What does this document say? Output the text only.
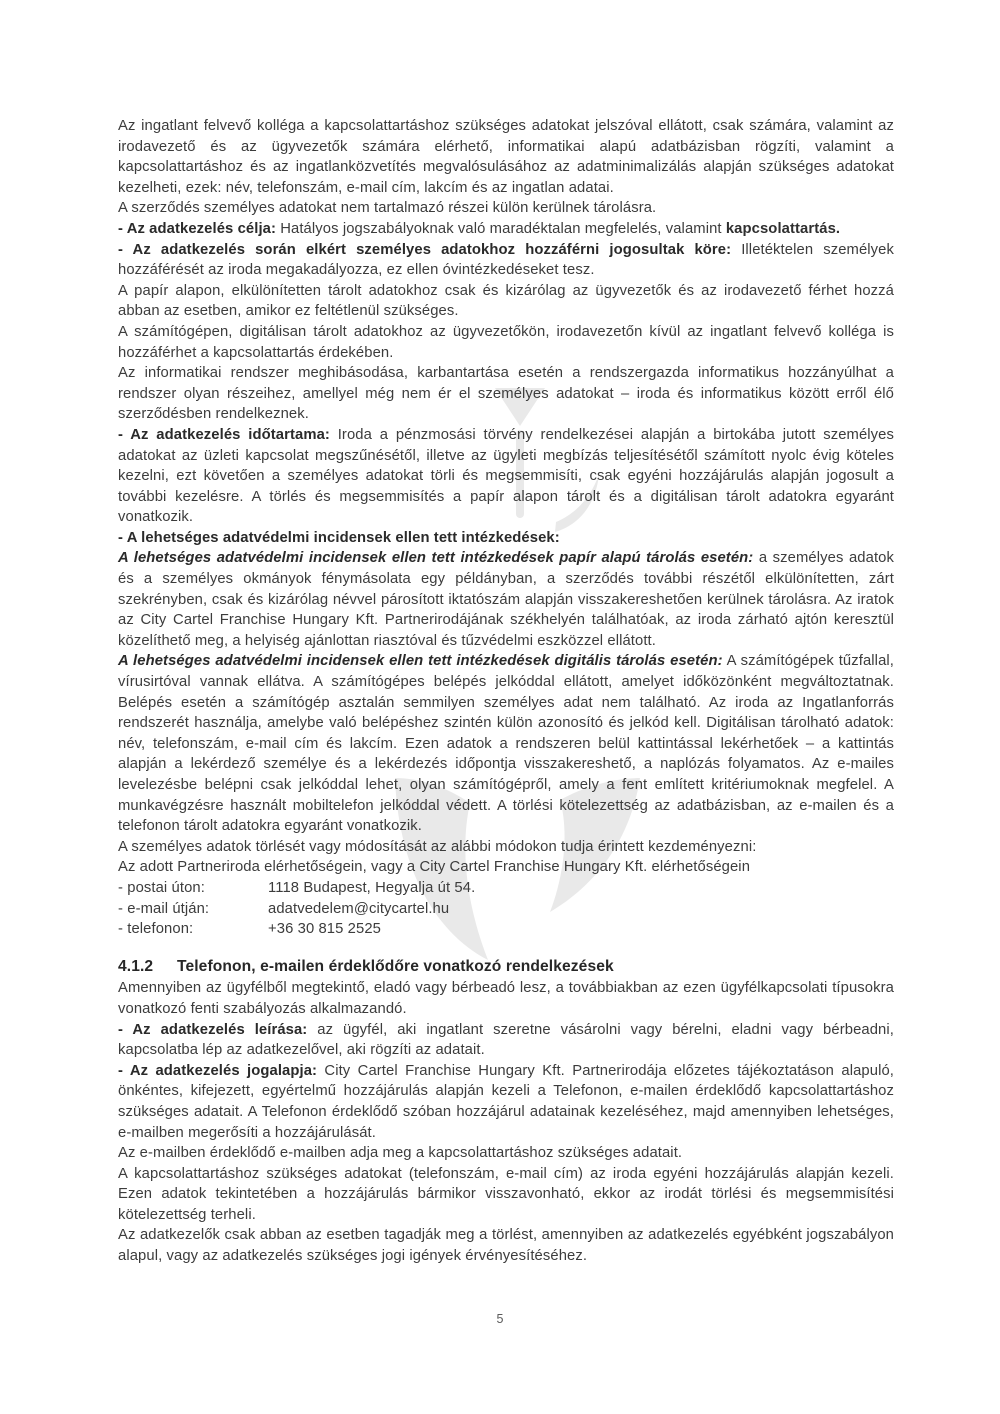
Az ingatlant felvevő kolléga a kapcsolattartáshoz szükséges adatokat jelszóval ellátott, csak számára, valamint az irodavezető és az ügyvezetők számára elérhető, informatikai alapú adatbázisban rögzíti, valamint a kapcsolattartáshoz és az ingatlanközvetítés megvalósulásához az adatminimalizálás alapján szükséges adatokat kezelheti, ezek: név, telefonszám, e-mail cím, lakcím és az ingatlan adatai.

A szerződés személyes adatokat nem tartalmazó részei külön kerülnek tárolásra.

- Az adatkezelés célja: Hatályos jogszabályoknak való maradéktalan megfelelés, valamint kapcsolattartás.

- Az adatkezelés során elkért személyes adatokhoz hozzáférni jogosultak köre: Illetéktelen személyek hozzáférését az iroda megakadályozza, ez ellen óvintézkedéseket tesz.

A papír alapon, elkülönítetten tárolt adatokhoz csak és kizárólag az ügyvezetők és az irodavezető férhet hozzá abban az esetben, amikor ez feltétlenül szükséges.

A számítógépen, digitálisan tárolt adatokhoz az ügyvezetőkön, irodavezetőn kívül az ingatlant felvevő kolléga is hozzáférhet a kapcsolattartás érdekében.

Az informatikai rendszer meghibásodása, karbantartása esetén a rendszergazda informatikus hozzányúlhat a rendszer olyan részeihez, amellyel még nem ér el személyes adatokat – iroda és informatikus között erről élő szerződésben rendelkeznek.

- Az adatkezelés időtartama: Iroda a pénzmosási törvény rendelkezései alapján a birtokába jutott személyes adatokat az üzleti kapcsolat megszűnésétől, illetve az ügyleti megbízás teljesítésétől számított nyolc évig köteles kezelni, ezt követően a személyes adatokat törli és megsemmisíti, csak egyéni hozzájárulás alapján jogosult a további kezelésre. A törlés és megsemmisítés a papír alapon tárolt és a digitálisan tárolt adatokra egyaránt vonatkozik.

- A lehetséges adatvédelmi incidensek ellen tett intézkedések:

A lehetséges adatvédelmi incidensek ellen tett intézkedések papír alapú tárolás esetén: a személyes adatok és a személyes okmányok fénymásolata egy példányban, a szerződés további részétől elkülönítetten, zárt szekrényben, csak és kizárólag névvel párosított iktatószám alapján visszakereshetően kerülnek tárolásra. Az iratok az City Cartel Franchise Hungary Kft. Partnerirodájának székhelyén találhatóak, az iroda zárható ajtón keresztül közelíthető meg, a helyiség ajánlottan riasztóval és tűzvédelmi eszközzel ellátott.

A lehetséges adatvédelmi incidensek ellen tett intézkedések digitális tárolás esetén: A számítógépek tűzfallal, vírusirtóval vannak ellátva. A számítógépes belépés jelkóddal ellátott, amelyet időközönként megváltoztatnak. Belépés esetén a számítógép asztalán semmilyen személyes adat nem található. Az iroda az Ingatlanforrás rendszerét használja, amelybe való belépéshez szintén külön azonosító és jelkód kell. Digitálisan tárolható adatok: név, telefonszám, e-mail cím és lakcím. Ezen adatok a rendszeren belül kattintással lekérhetőek – a kattintás alapján a lekérdező személye és a lekérdezés időpontja visszakereshető, a naplózás folyamatos. Az e-mailes levelezésbe belépni csak jelkóddal lehet, olyan számítógépről, amely a fent említett kritériumoknak megfelel. A munkavégzésre használt mobiltelefon jelkóddal védett. A törlési kötelezettség az adatbázisban, az e-mailen és a telefonon tárolt adatokra egyaránt vonatkozik.

A személyes adatok törlését vagy módosítását az alábbi módokon tudja érintett kezdeményezni:

Az adott Partneriroda elérhetőségein, vagy a City Cartel Franchise Hungary Kft. elérhetőségein

- postai úton:	1118 Budapest, Hegyalja út 54.
- e-mail útján:	adatvedelem@citycartel.hu
- telefonon:	+36 30 815 2525
4.1.2 Telefonon, e-mailen érdeklődőre vonatkozó rendelkezések

Amennyiben az ügyfélből megtekintő, eladó vagy bérbeadó lesz, a továbbiakban az ezen ügyfélkapcsolati típusokra vonatkozó fenti szabályozás alkalmazandó.

- Az adatkezelés leírása: az ügyfél, aki ingatlant szeretne vásárolni vagy bérelni, eladni vagy bérbeadni, kapcsolatba lép az adatkezelővel, aki rögzíti az adatait.

- Az adatkezelés jogalapja: City Cartel Franchise Hungary Kft. Partnerirodája előzetes tájékoztatáson alapuló, önkéntes, kifejezett, egyértelmű hozzájárulás alapján kezeli a Telefonon, e-mailen érdeklődő kapcsolattartáshoz szükséges adatait. A Telefonon érdeklődő szóban hozzájárul adatainak kezeléséhez, majd amennyiben lehetséges, e-mailben megerősíti a hozzájárulását.

Az e-mailben érdeklődő e-mailben adja meg a kapcsolattartáshoz szükséges adatait.

A kapcsolattartáshoz szükséges adatokat (telefonszám, e-mail cím) az iroda egyéni hozzájárulás alapján kezeli. Ezen adatok tekintetében a hozzájárulás bármikor visszavonható, ekkor az irodát törlési és megsemmisítési kötelezettség terheli.

Az adatkezelők csak abban az esetben tagadják meg a törlést, amennyiben az adatkezelés egyébként jogszabályon alapul, vagy az adatkezelés szükséges jogi igények érvényesítéséhez.

5
